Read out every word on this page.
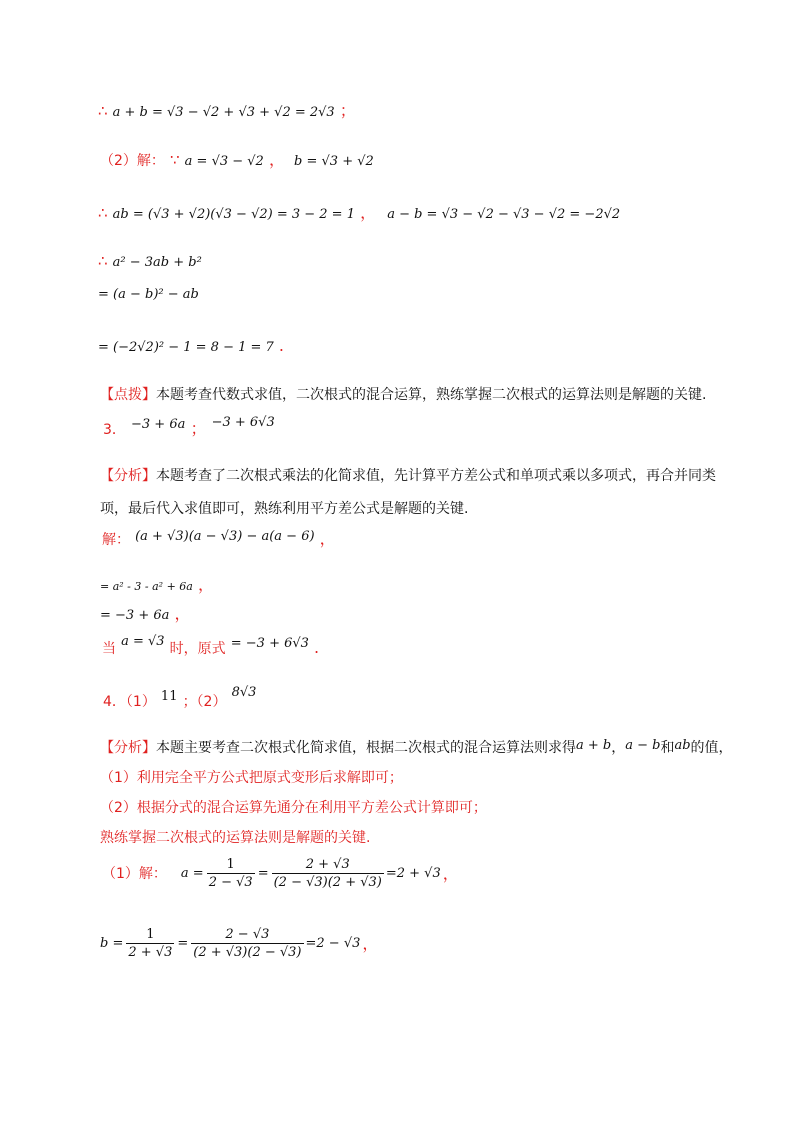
∴ a + b = √3 − √2 + √3 + √2 = 2√3 ；
（2）解： ∵ a = √3 − √2 ， b = √3 + √2
∴ ab = (√3 + √2)(√3 − √2) = 3 − 2 = 1 ， a − b = √3 − √2 − √3 − √2 = −2√2
∴ a² − 3ab + b²
= (a − b)² − ab
= (−2√2)² − 1 = 8 − 1 = 7 .
【点拨】本题考查代数式求值，二次根式的混合运算，熟练掌握二次根式的运算法则是解题的关键.
3． $^{-3 + 6a}$ ； $^{-3 + 6√3}$
【分析】本题考查了二次根式乘法的化简求值，先计算平方差公式和单项式乘以多项式，再合并同类
项，最后代入求值即可，熟练利用平方差公式是解题的关键.
解： $^{(a + √3)(a - √3) - a(a - 6)}$ ，
= a² - 3 - a² + 6a ，
= −3 + 6a ，
当 $^{a = √3}$ 时，原式 $^{= -3 + 6√3}$ .
4．（1） $^{11}$ ；（2） $^{8√3}$
【分析】本题主要考查二次根式化简求值，根据二次根式的混合运算法则求得a + b，a − b和ab的值，
（1）利用完全平方公式把原式变形后求解即可；
（2）根据分式的混合运算先通分在利用平方差公式计算即可；
熟练掌握二次根式的运算法则是解题的关键.
（1）解： $a = \frac{1}{2 - √3} = \frac{2 + √3}{(2 - √3)(2 + √3)} =2 + √3$ ，
$b = \frac{1}{2 + √3} = \frac{2 - √3}{(2 + √3)(2 - √3)} =2 - √3$ ，
